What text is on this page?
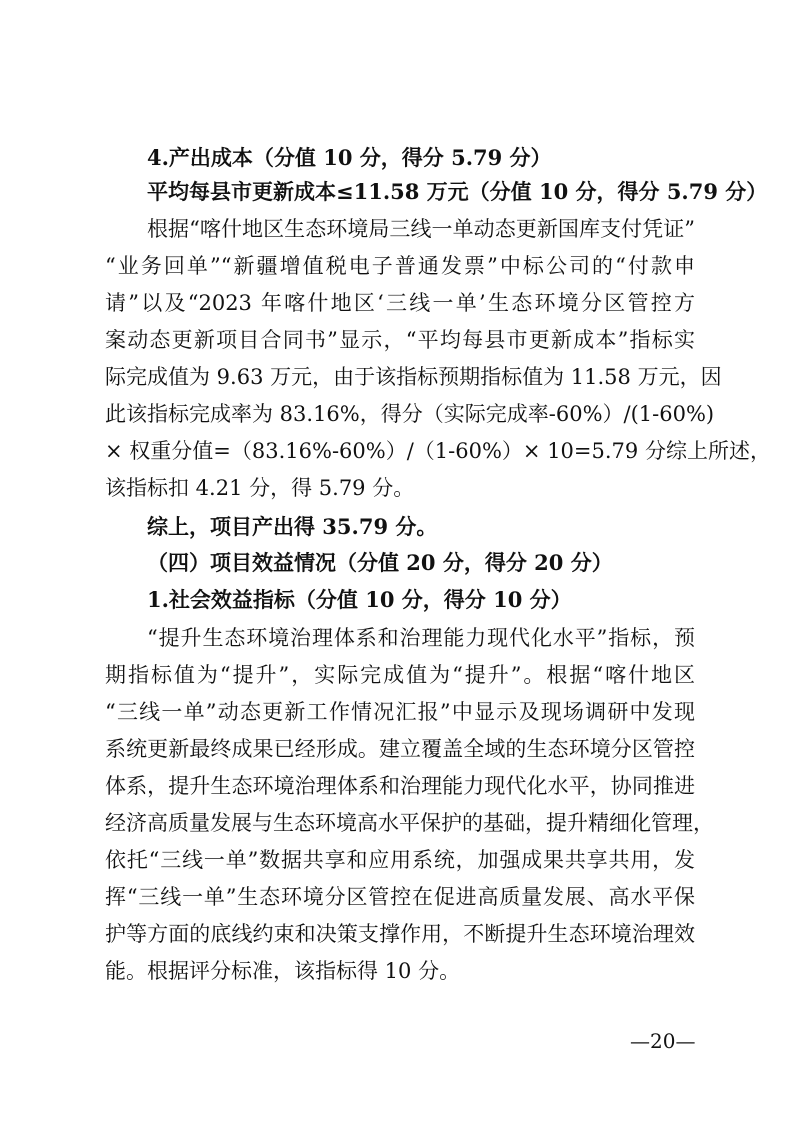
4.产出成本（分值 10 分，得分 5.79 分）
平均每县市更新成本≤11.58 万元（分值 10 分，得分 5.79 分）
根据“喀什地区生态环境局三线一单动态更新国库支付凭证”
“业务回单”“新疆增值税电子普通发票”中标公司的“付款申
请”以及“2023 年喀什地区‘三线一单’生态环境分区管控方
案动态更新项目合同书”显示，“平均每县市更新成本”指标实
际完成值为 9.63 万元，由于该指标预期指标值为 11.58 万元，因
此该指标完成率为 83.16%，得分（实际完成率-60%）/(1-60%)
× 权重分值=（83.16%-60%）/（1-60%）× 10=5.79 分综上所述，
该指标扣 4.21 分，得 5.79 分。
综上，项目产出得 35.79 分。
（四）项目效益情况（分值 20 分，得分 20 分）
1.社会效益指标（分值 10 分，得分 10 分）
“提升生态环境治理体系和治理能力现代化水平”指标，预
期指标值为“提升”，实际完成值为“提升”。根据“喀什地区
“三线一单”动态更新工作情况汇报”中显示及现场调研中发现
系统更新最终成果已经形成。建立覆盖全域的生态环境分区管控
体系，提升生态环境治理体系和治理能力现代化水平，协同推进
经济高质量发展与生态环境高水平保护的基础，提升精细化管理，
依托“三线一单”数据共享和应用系统，加强成果共享共用，发
挥“三线一单”生态环境分区管控在促进高质量发展、高水平保
护等方面的底线约束和决策支撑作用，不断提升生态环境治理效
能。根据评分标准，该指标得 10 分。
—20—
